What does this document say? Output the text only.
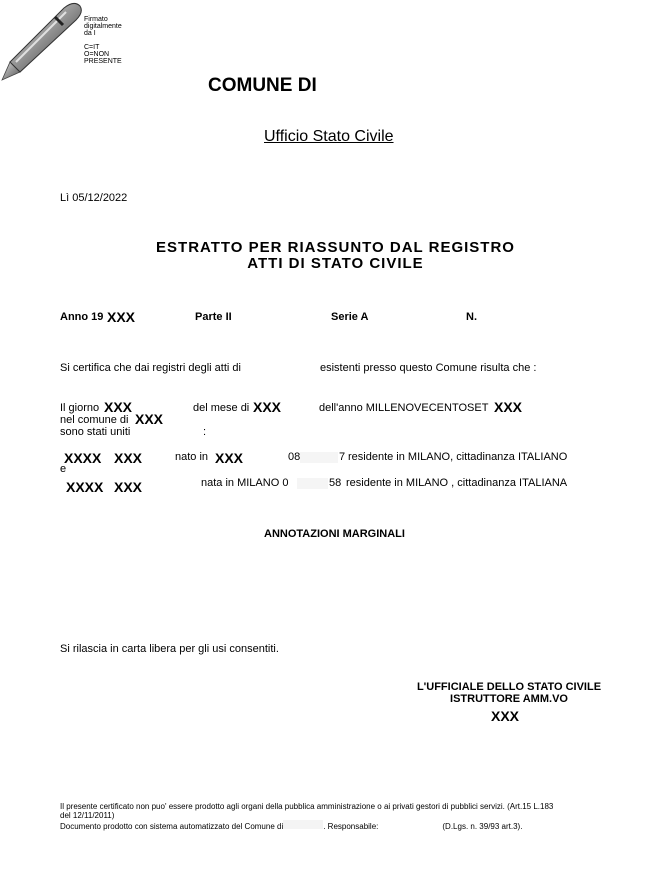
Firmato
digitalmente
da I
C=IT
O=NON
PRESENTE
COMUNE DI
Ufficio Stato Civile
Lì 05/12/2022
ESTRATTO PER RIASSUNTO DAL REGISTRO
ATTI DI STATO CIVILE
Anno 19 XXX	Parte II	Serie A	N.
Si certifica che dai registri degli atti di	esistenti presso questo Comune risulta che :
Il giorno XXX	del mese di XXX	dell'anno MILLENOVECENTOSET XXX
nel comune di XXX
sono stati uniti	:
XXXX XXX	nato in XXX	08	7 residente in MILANO, cittadinanza ITALIANO
e
XXXX XXX	nata in MILANO 0	58 residente in MILANO , cittadinanza ITALIANA
ANNOTAZIONI MARGINALI
Si rilascia in carta libera per gli usi consentiti.
L'UFFICIALE DELLO STATO CIVILE
ISTRUTTORE AMM.VO
XXX
Il presente certificato non puo' essere prodotto agli organi della pubblica amministrazione o ai privati gestori di pubblici servizi. (Art.15 L.183
del 12/11/2011)
Documento prodotto con sistema automatizzato del Comune di	. Responsabile:	(D.Lgs. n. 39/93 art.3).
